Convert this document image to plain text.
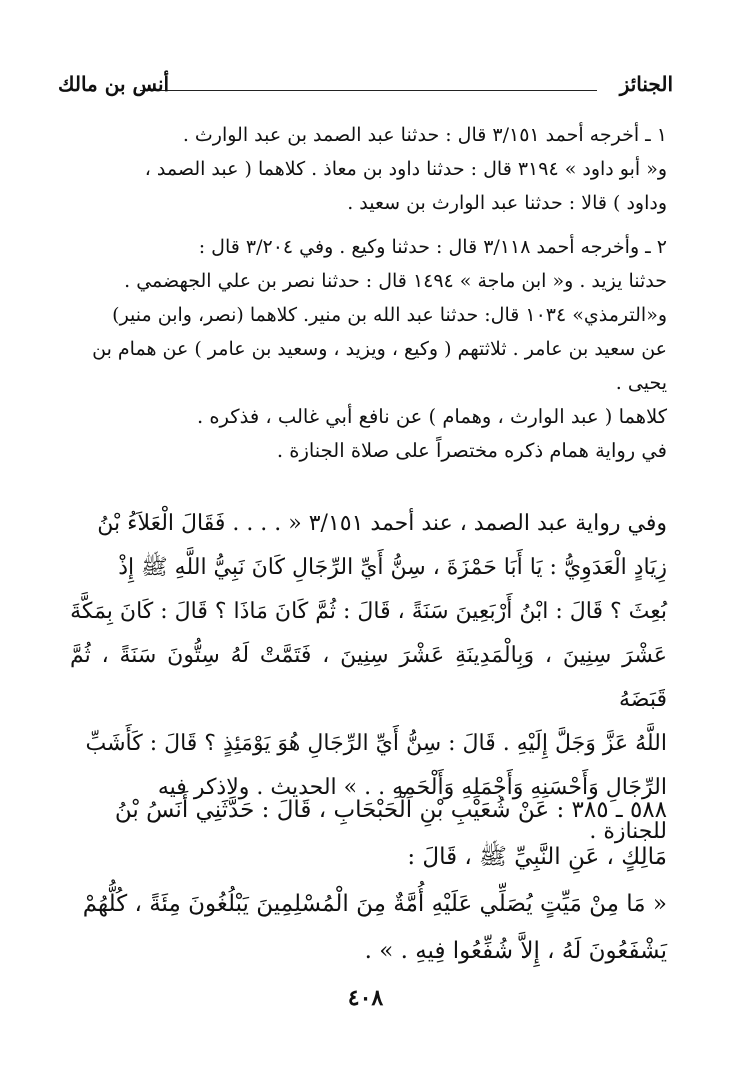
الجنائز
أنس بن مالك
١ ـ أخرجه أحمد ٣/١٥١ قال : حدثنا عبد الصمد بن عبد الوارث .
و« أبو داود » ٣١٩٤ قال : حدثنا داود بن معاذ . كلاهما ( عبد الصمد ،
وداود ) قالا : حدثنا عبد الوارث بن سعيد .
٢ ـ وأخرجه أحمد ٣/١١٨ قال : حدثنا وكيع . وفي ٣/٢٠٤ قال :
حدثنا يزيد . و« ابن ماجة » ١٤٩٤ قال : حدثنا نصر بن علي الجهضمي .
و«الترمذي» ١٠٣٤ قال: حدثنا عبد الله بن منير. كلاهما (نصر، وابن منير)
عن سعيد بن عامر . ثلاثتهم ( وكيع ، ويزيد ، وسعيد بن عامر ) عن همام بن
يحيى .
كلاهما ( عبد الوارث ، وهمام ) عن نافع أبي غالب ، فذكره .
في رواية همام ذكره مختصراً على صلاة الجنازة .
وفي رواية عبد الصمد ، عند أحمد ٣/١٥١ « . . . . فَقَالَ الْعَلاَءُ بْنُ
زِيَادٍ الْعَدَوِيُّ : يَا أَبَا حَمْزَةَ ، سِنُّ أَيِّ الرِّجَالِ كَانَ نَبِيُّ اللَّهِ ﷺ إِذْ
بُعِثَ ؟ قَالَ : ابْنُ أَرْبَعِينَ سَنَةً ، قَالَ : ثُمَّ كَانَ مَاذَا ؟ قَالَ : كَانَ بِمَكَّةَ
عَشْرَ سِنِينَ ، وَبِالْمَدِينَةِ عَشْرَ سِنِينَ ، فَتَمَّتْ لَهُ سِتُّونَ سَنَةً ، ثُمَّ قَبَضَهُ
اللَّهُ عَزَّ وَجَلَّ إِلَيْهِ . قَالَ : سِنُّ أَيِّ الرِّجَالِ هُوَ يَوْمَئِذٍ ؟ قَالَ : كَأَشَبِّ
الرِّجَالِ وَأَحْسَنِهِ وَأَجْمَلِهِ وَأَلْحَمِهِ . . » الحديث . ولاذكر فيه
للجنازة .
٥٨٨ ـ ٣٨٥ : عَنْ شُعَيْبِ بْنِ الْحَبْحَابِ ، قَالَ : حَدَّثَنِي أَنَسُ بْنُ
مَالِكٍ ، عَنِ النَّبِيِّ ﷺ ، قَالَ :
« مَا مِنْ مَيِّتٍ يُصَلِّي عَلَيْهِ أُمَّةٌ مِنَ الْمُسْلِمِينَ يَبْلُغُونَ مِئَةً ، كُلُّهُمْ
يَشْفَعُونَ لَهُ ، إِلاَّ شُفِّعُوا فِيهِ . » .
٤٠٨
